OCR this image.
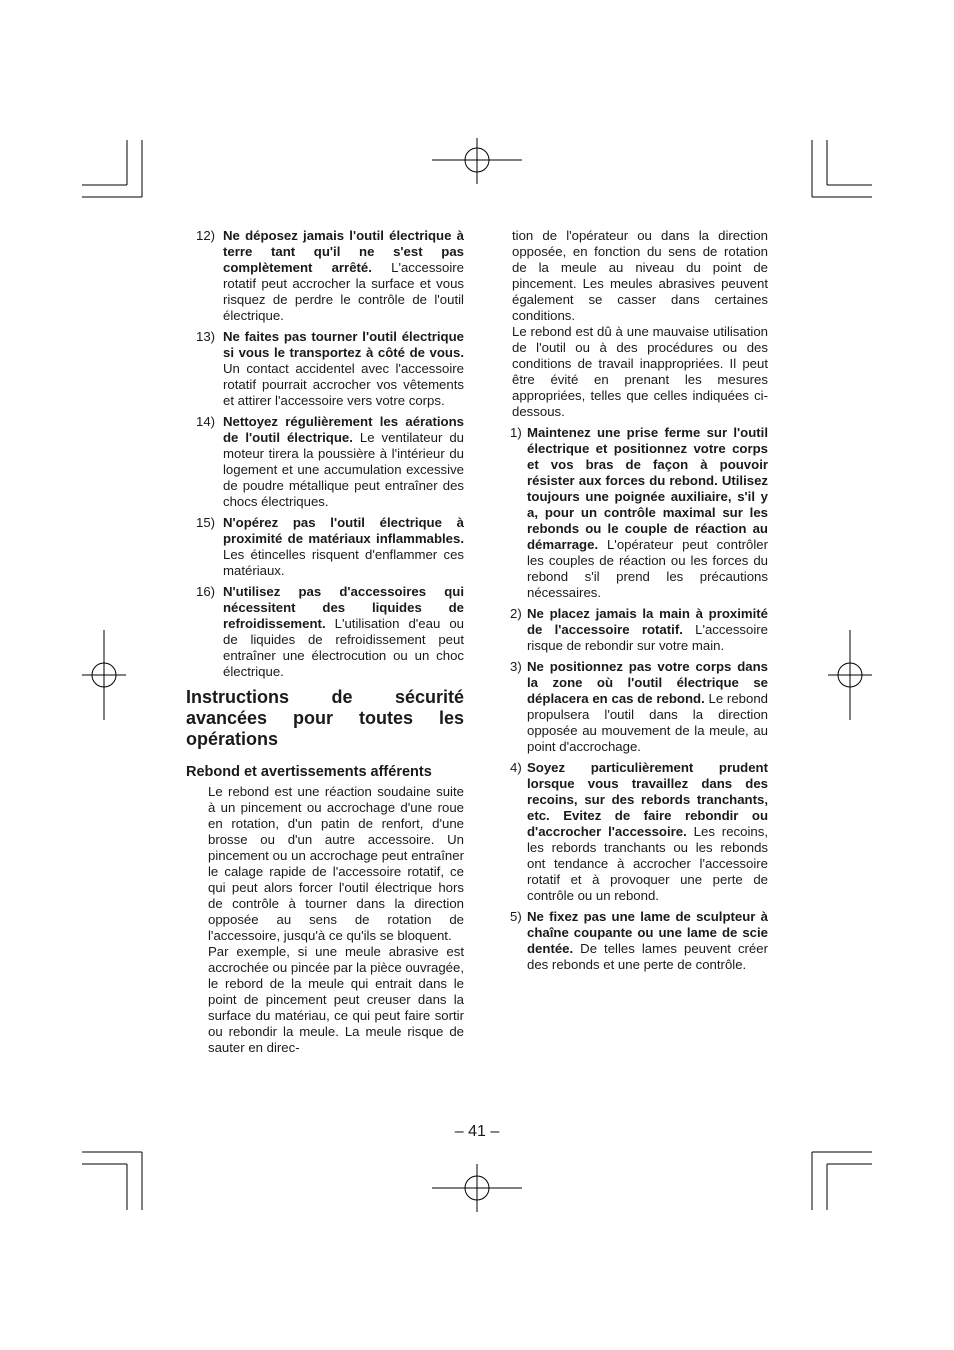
12) Ne déposez jamais l'outil électrique à terre tant qu'il ne s'est pas complètement arrêté. L'accessoire rotatif peut accrocher la surface et vous risquez de perdre le contrôle de l'outil électrique.
13) Ne faites pas tourner l'outil électrique si vous le transportez à côté de vous. Un contact accidentel avec l'accessoire rotatif pourrait accrocher vos vêtements et attirer l'accessoire vers votre corps.
14) Nettoyez régulièrement les aérations de l'outil électrique. Le ventilateur du moteur tirera la poussière à l'intérieur du logement et une accumulation excessive de poudre métallique peut entraîner des chocs électriques.
15) N'opérez pas l'outil électrique à proximité de matériaux inflammables. Les étincelles risquent d'enflammer ces matériaux.
16) N'utilisez pas d'accessoires qui nécessitent des liquides de refroidissement. L'utilisation d'eau ou de liquides de refroidissement peut entraîner une électrocution ou un choc électrique.
Instructions de sécurité avancées pour toutes les opérations
Rebond et avertissements afférents

Le rebond est une réaction soudaine suite à un pincement ou accrochage d'une roue en rotation, d'un patin de renfort, d'une brosse ou d'un autre accessoire. Un pincement ou un accrochage peut entraîner le calage rapide de l'accessoire rotatif, ce qui peut alors forcer l'outil électrique hors de contrôle à tourner dans la direction opposée au sens de rotation de l'accessoire, jusqu'à ce qu'ils se bloquent.

Par exemple, si une meule abrasive est accrochée ou pincée par la pièce ouvragée, le rebord de la meule qui entrait dans le point de pincement peut creuser dans la surface du matériau, ce qui peut faire sortir ou rebondir la meule. La meule risque de sauter en direc-

tion de l'opérateur ou dans la direction opposée, en fonction du sens de rotation de la meule au niveau du point de pincement. Les meules abrasives peuvent également se casser dans certaines conditions.

Le rebond est dû à une mauvaise utilisation de l'outil ou à des procédures ou des conditions de travail inappropriées. Il peut être évité en prenant les mesures appropriées, telles que celles indiquées ci-dessous.

1) Maintenez une prise ferme sur l'outil électrique et positionnez votre corps et vos bras de façon à pouvoir résister aux forces du rebond. Utilisez toujours une poignée auxiliaire, s'il y a, pour un contrôle maximal sur les rebonds ou le couple de réaction au démarrage. L'opérateur peut contrôler les couples de réaction ou les forces du rebond s'il prend les précautions nécessaires.
2) Ne placez jamais la main à proximité de l'accessoire rotatif. L'accessoire risque de rebondir sur votre main.
3) Ne positionnez pas votre corps dans la zone où l'outil électrique se déplacera en cas de rebond. Le rebond propulsera l'outil dans la direction opposée au mouvement de la meule, au point d'accrochage.
4) Soyez particulièrement prudent lorsque vous travaillez dans des recoins, sur des rebords tranchants, etc. Evitez de faire rebondir ou d'accrocher l'accessoire. Les recoins, les rebords tranchants ou les rebonds ont tendance à accrocher l'accessoire rotatif et à provoquer une perte de contrôle ou un rebond.
5) Ne fixez pas une lame de sculpteur à chaîne coupante ou une lame de scie dentée. De telles lames peuvent créer des rebonds et une perte de contrôle.
– 41 –
